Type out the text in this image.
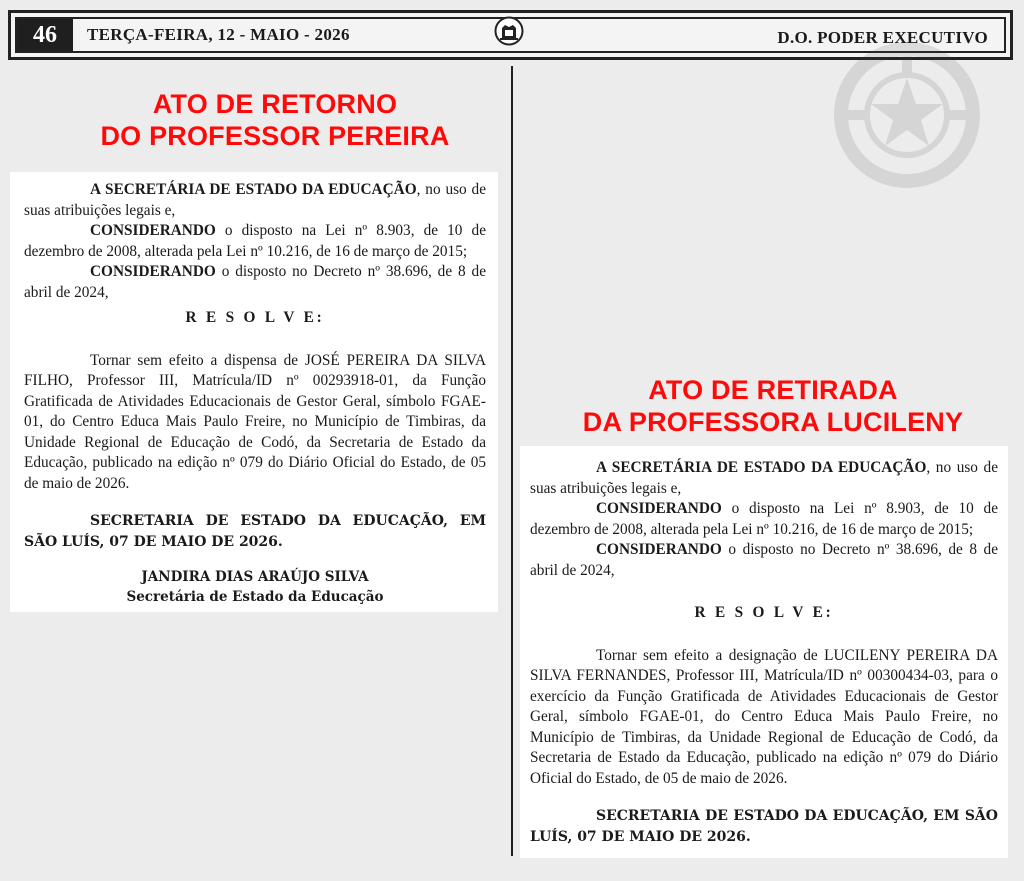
46	TERÇA-FEIRA, 12 - MAIO - 2026	D.O. PODER EXECUTIVO
ATO DE RETORNO
DO PROFESSOR PEREIRA

A SECRETÁRIA DE ESTADO DA EDUCAÇÃO, no uso de suas atribuições legais e,

CONSIDERANDO o disposto na Lei nº 8.903, de 10 de dezembro de 2008, alterada pela Lei nº 10.216, de 16 de março de 2015;

CONSIDERANDO o disposto no Decreto nº 38.696, de 8 de abril de 2024,

R E S O L V E:

Tornar sem efeito a dispensa de JOSÉ PEREIRA DA SILVA FILHO, Professor III, Matrícula/ID nº 00293918-01, da Função Gratificada de Atividades Educacionais de Gestor Geral, símbolo FGAE-01, do Centro Educa Mais Paulo Freire, no Município de Timbiras, da Unidade Regional de Educação de Codó, da Secretaria de Estado da Educação, publicado na edição nº 079 do Diário Oficial do Estado, de 05 de maio de 2026.

SECRETARIA DE ESTADO DA EDUCAÇÃO, EM SÃO LUÍS, 07 DE MAIO DE 2026.

JANDIRA DIAS ARAÚJO SILVA
Secretária de Estado da Educação
ATO DE RETIRADA
DA PROFESSORA LUCILENY

A SECRETÁRIA DE ESTADO DA EDUCAÇÃO, no uso de suas atribuições legais e,

CONSIDERANDO o disposto na Lei nº 8.903, de 10 de dezembro de 2008, alterada pela Lei nº 10.216, de 16 de março de 2015;

CONSIDERANDO o disposto no Decreto nº 38.696, de 8 de abril de 2024,

R E S O L V E:

Tornar sem efeito a designação de LUCILENY PEREIRA DA SILVA FERNANDES, Professor III, Matrícula/ID nº 00300434-03, para o exercício da Função Gratificada de Atividades Educacionais de Gestor Geral, símbolo FGAE-01, do Centro Educa Mais Paulo Freire, no Município de Timbiras, da Unidade Regional de Educação de Codó, da Secretaria de Estado da Educação, publicado na edição nº 079 do Diário Oficial do Estado, de 05 de maio de 2026.

SECRETARIA DE ESTADO DA EDUCAÇÃO, EM SÃO LUÍS, 07 DE MAIO DE 2026.
